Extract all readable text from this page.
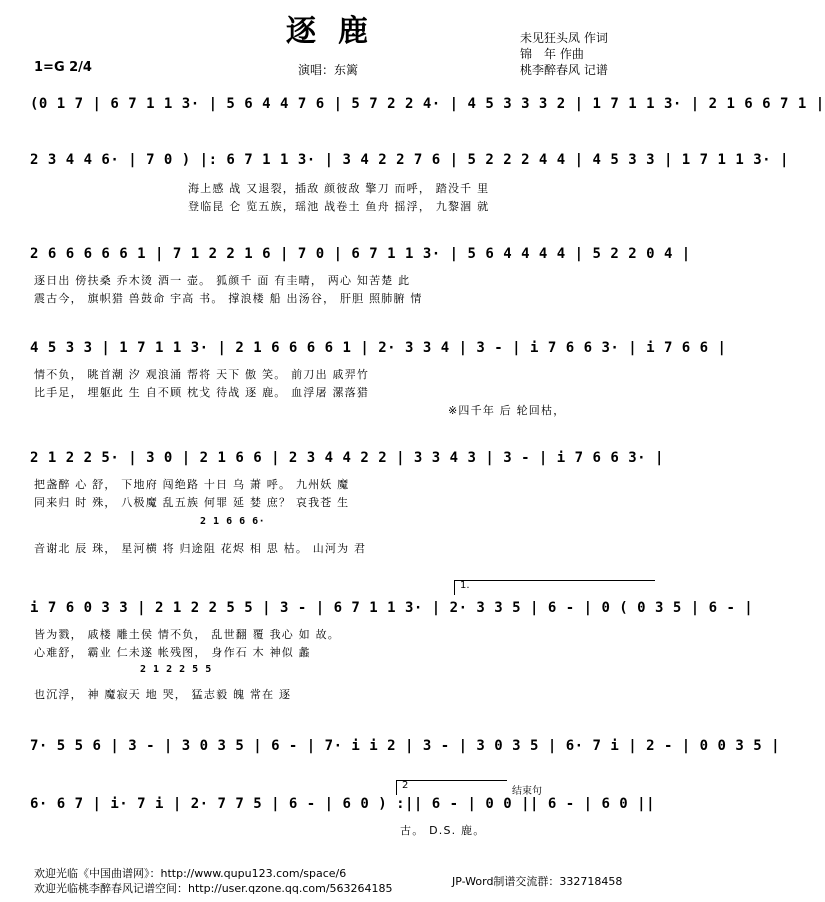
逐鹿
1=G 2/4	演唱：东篱
未见狂头凤 作词
锦　年 作曲
桃李醉春风 记谱
(0 1 7 | 6 7 1 1 3· | 5 6 4 4 7 6 | 5 7 2 2 4· | 4 5 3 3 3 2 | 1 7 1 1 3· | 2 1 6 6 7 1 |
2 3 4 4 6· | 7 0 ) |: 6 7 1 1 3· | 3 4 2 2 7 6 | 5 2 2 2 4 4 | 4 5 3 3 | 1 7 1 1 3· |
海上感 战 又退裂，插敌 颜彼敌 擎刀 而呼， 踏没千 里
登临昆 仑 览五族，瑶池 战卷土 鱼舟 摇浮， 九黎涸 就
2 6 6 6 6 6 1 | 7 1 2 2 1 6 | 7 0 | 6 7 1 1 3· | 5 6 4 4 4 4 | 5 2 2 0 4 |
逐日出 傍扶桑 乔木烫 酒一 壶。 狐颜千 面 有圭晴， 两心 知苦楚 此
震古今， 旗帜猎 兽鼓命 宇高 书。 撑浪楼 船 出汤谷， 肝胆 照肺腑 情
4 5 3 3 | 1 7 1 1 3· | 2 1 6 6 6 6 1 | 2· 3 3 4 | 3 - | i 7 6 6 3· | i 7 6 6 |
情不负， 眺首潮 汐 观浪涌 帮将 天下 傲 笑。 前刀出 戚羿竹
比手足， 埋躯此 生 自不顾 枕戈 待战 逐 鹿。 血浮屠 漯落猎
※四千年 后 轮回枯，
2 1 2 2 5· | 3 0 | 2 1 6 6 | 2 3 4 4 2 2 | 3 3 4 3 | 3 - | i 7 6 6 3· |
把盏醉 心 舒， 下地府 闯绝路 十日 乌 萧 呼。 九州妖 魔
同来归 时 殊， 八极魔 乱五族 何罪 延 婪 庶？ 哀我苍 生
2 1 6 6 6·
音谢北 辰 珠， 星河横 将 归途阻 花烬 相 思 枯。 山河为 君
1.
i 7 6 0 3 3 | 2 1 2 2 5 5 | 3 - | 6 7 1 1 3· | 2· 3 3 5 | 6 - | 0 ( 0 3 5 | 6 - |
皆为戮， 戚楼 雕土侯 情不负， 乱世翻 覆 我心 如 故。
心难舒， 霸业 仁未遂 帐残图， 身作石 木 神似 蠡
2 1 2 2 5 5
也沉浮， 神 魔寂天 地 哭， 猛志毅 魄 常在 逐
7· 5 5 6 | 3 - | 3 0 3 5 | 6 - | 7· i i 2 | 3 - | 3 0 3 5 | 6· 7 i | 2 - | 0 0 3 5 |
2
结束句
6· 6 7 | i· 7 i | 2· 7 7 5 | 6 - | 6 0 ) :|| 6 - | 0 0 || 6 - | 6 0 ||
古。 D.S. 鹿。
欢迎光临《中国曲谱网》：http://www.qupu123.com/space/6
欢迎光临桃李醉春风记谱空间：http://user.qzone.qq.com/563264185
JP-Word制谱交流群：332718458
